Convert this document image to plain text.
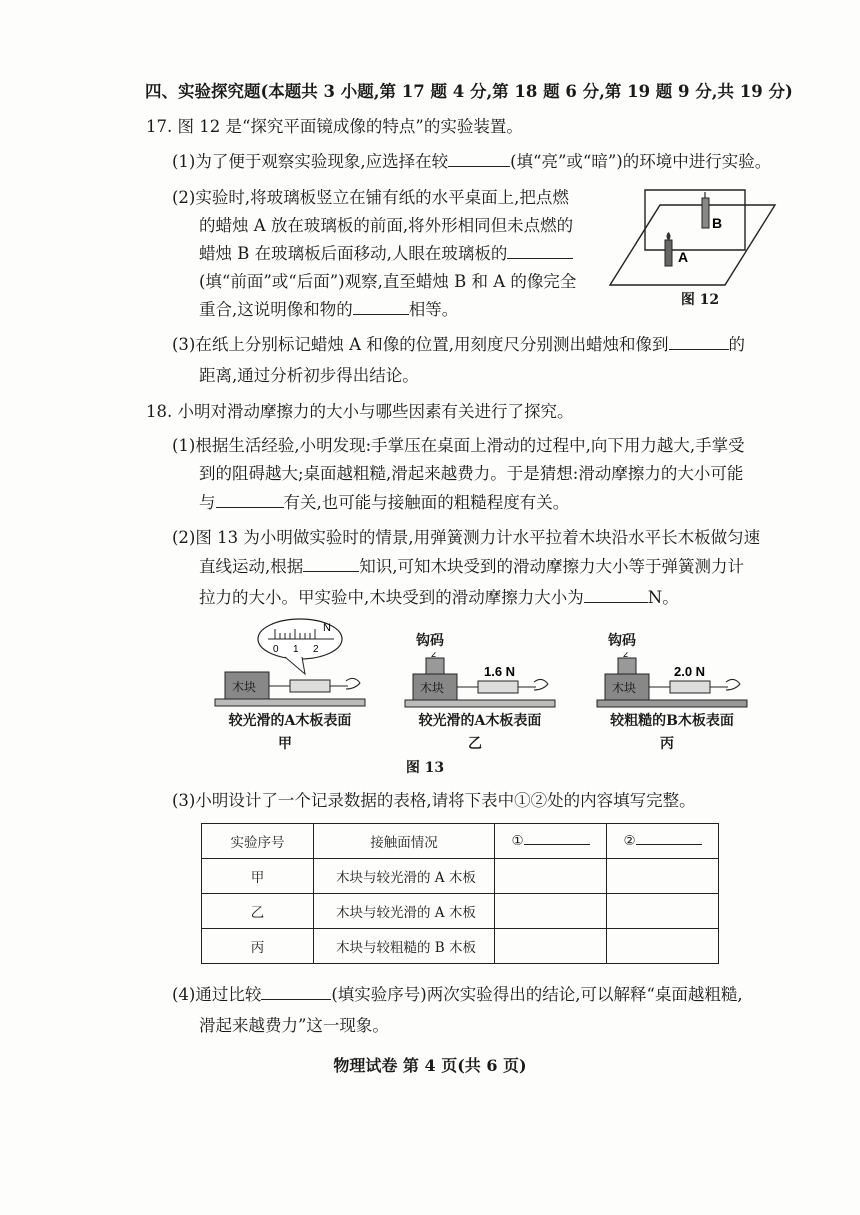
四、实验探究题(本题共 3 小题,第 17 题 4 分,第 18 题 6 分,第 19 题 9 分,共 19 分)
17. 图 12 是“探究平面镜成像的特点”的实验装置。
(1)为了便于观察实验现象,应选择在较	(填“亮”或“暗”)的环境中进行实验。
(2)实验时,将玻璃板竖立在铺有纸的水平桌面上,把点燃
的蜡烛 A 放在玻璃板的前面,将外形相同但未点燃的
蜡烛 B 在玻璃板后面移动,人眼在玻璃板的
(填“前面”或“后面”)观察,直至蜡烛 B 和 A 的像完全
重合,这说明像和物的	相等。
A
B
图 12
(3)在纸上分别标记蜡烛 A 和像的位置,用刻度尺分别测出蜡烛和像到	的
距离,通过分析初步得出结论。
18. 小明对滑动摩擦力的大小与哪些因素有关进行了探究。
(1)根据生活经验,小明发现:手掌压在桌面上滑动的过程中,向下用力越大,手掌受
到的阻碍越大;桌面越粗糙,滑起来越费力。于是猜想:滑动摩擦力的大小可能
与	有关,也可能与接触面的粗糙程度有关。
(2)图 13 为小明做实验时的情景,用弹簧测力计水平拉着木块沿水平长木板做匀速
直线运动,根据	知识,可知木块受到的滑动摩擦力大小等于弹簧测力计
拉力的大小。甲实验中,木块受到的滑动摩擦力大小为	N。
木块
0 1 2
N
较光滑的A木板表面
甲
钩码
2
木块
1.6 N
较光滑的A木板表面
乙
钩码
2
木块
2.0 N
较粗糙的B木板表面
丙
图 13
(3)小明设计了一个记录数据的表格,请将下表中①②处的内容填写完整。
实验序号	接触面情况	①	②
甲	木块与较光滑的 A 木板		
乙	木块与较光滑的 A 木板		
丙	木块与较粗糙的 B 木板		
(4)通过比较	(填实验序号)两次实验得出的结论,可以解释“桌面越粗糙,
滑起来越费力”这一现象。
物理试卷 第 4 页(共 6 页)
